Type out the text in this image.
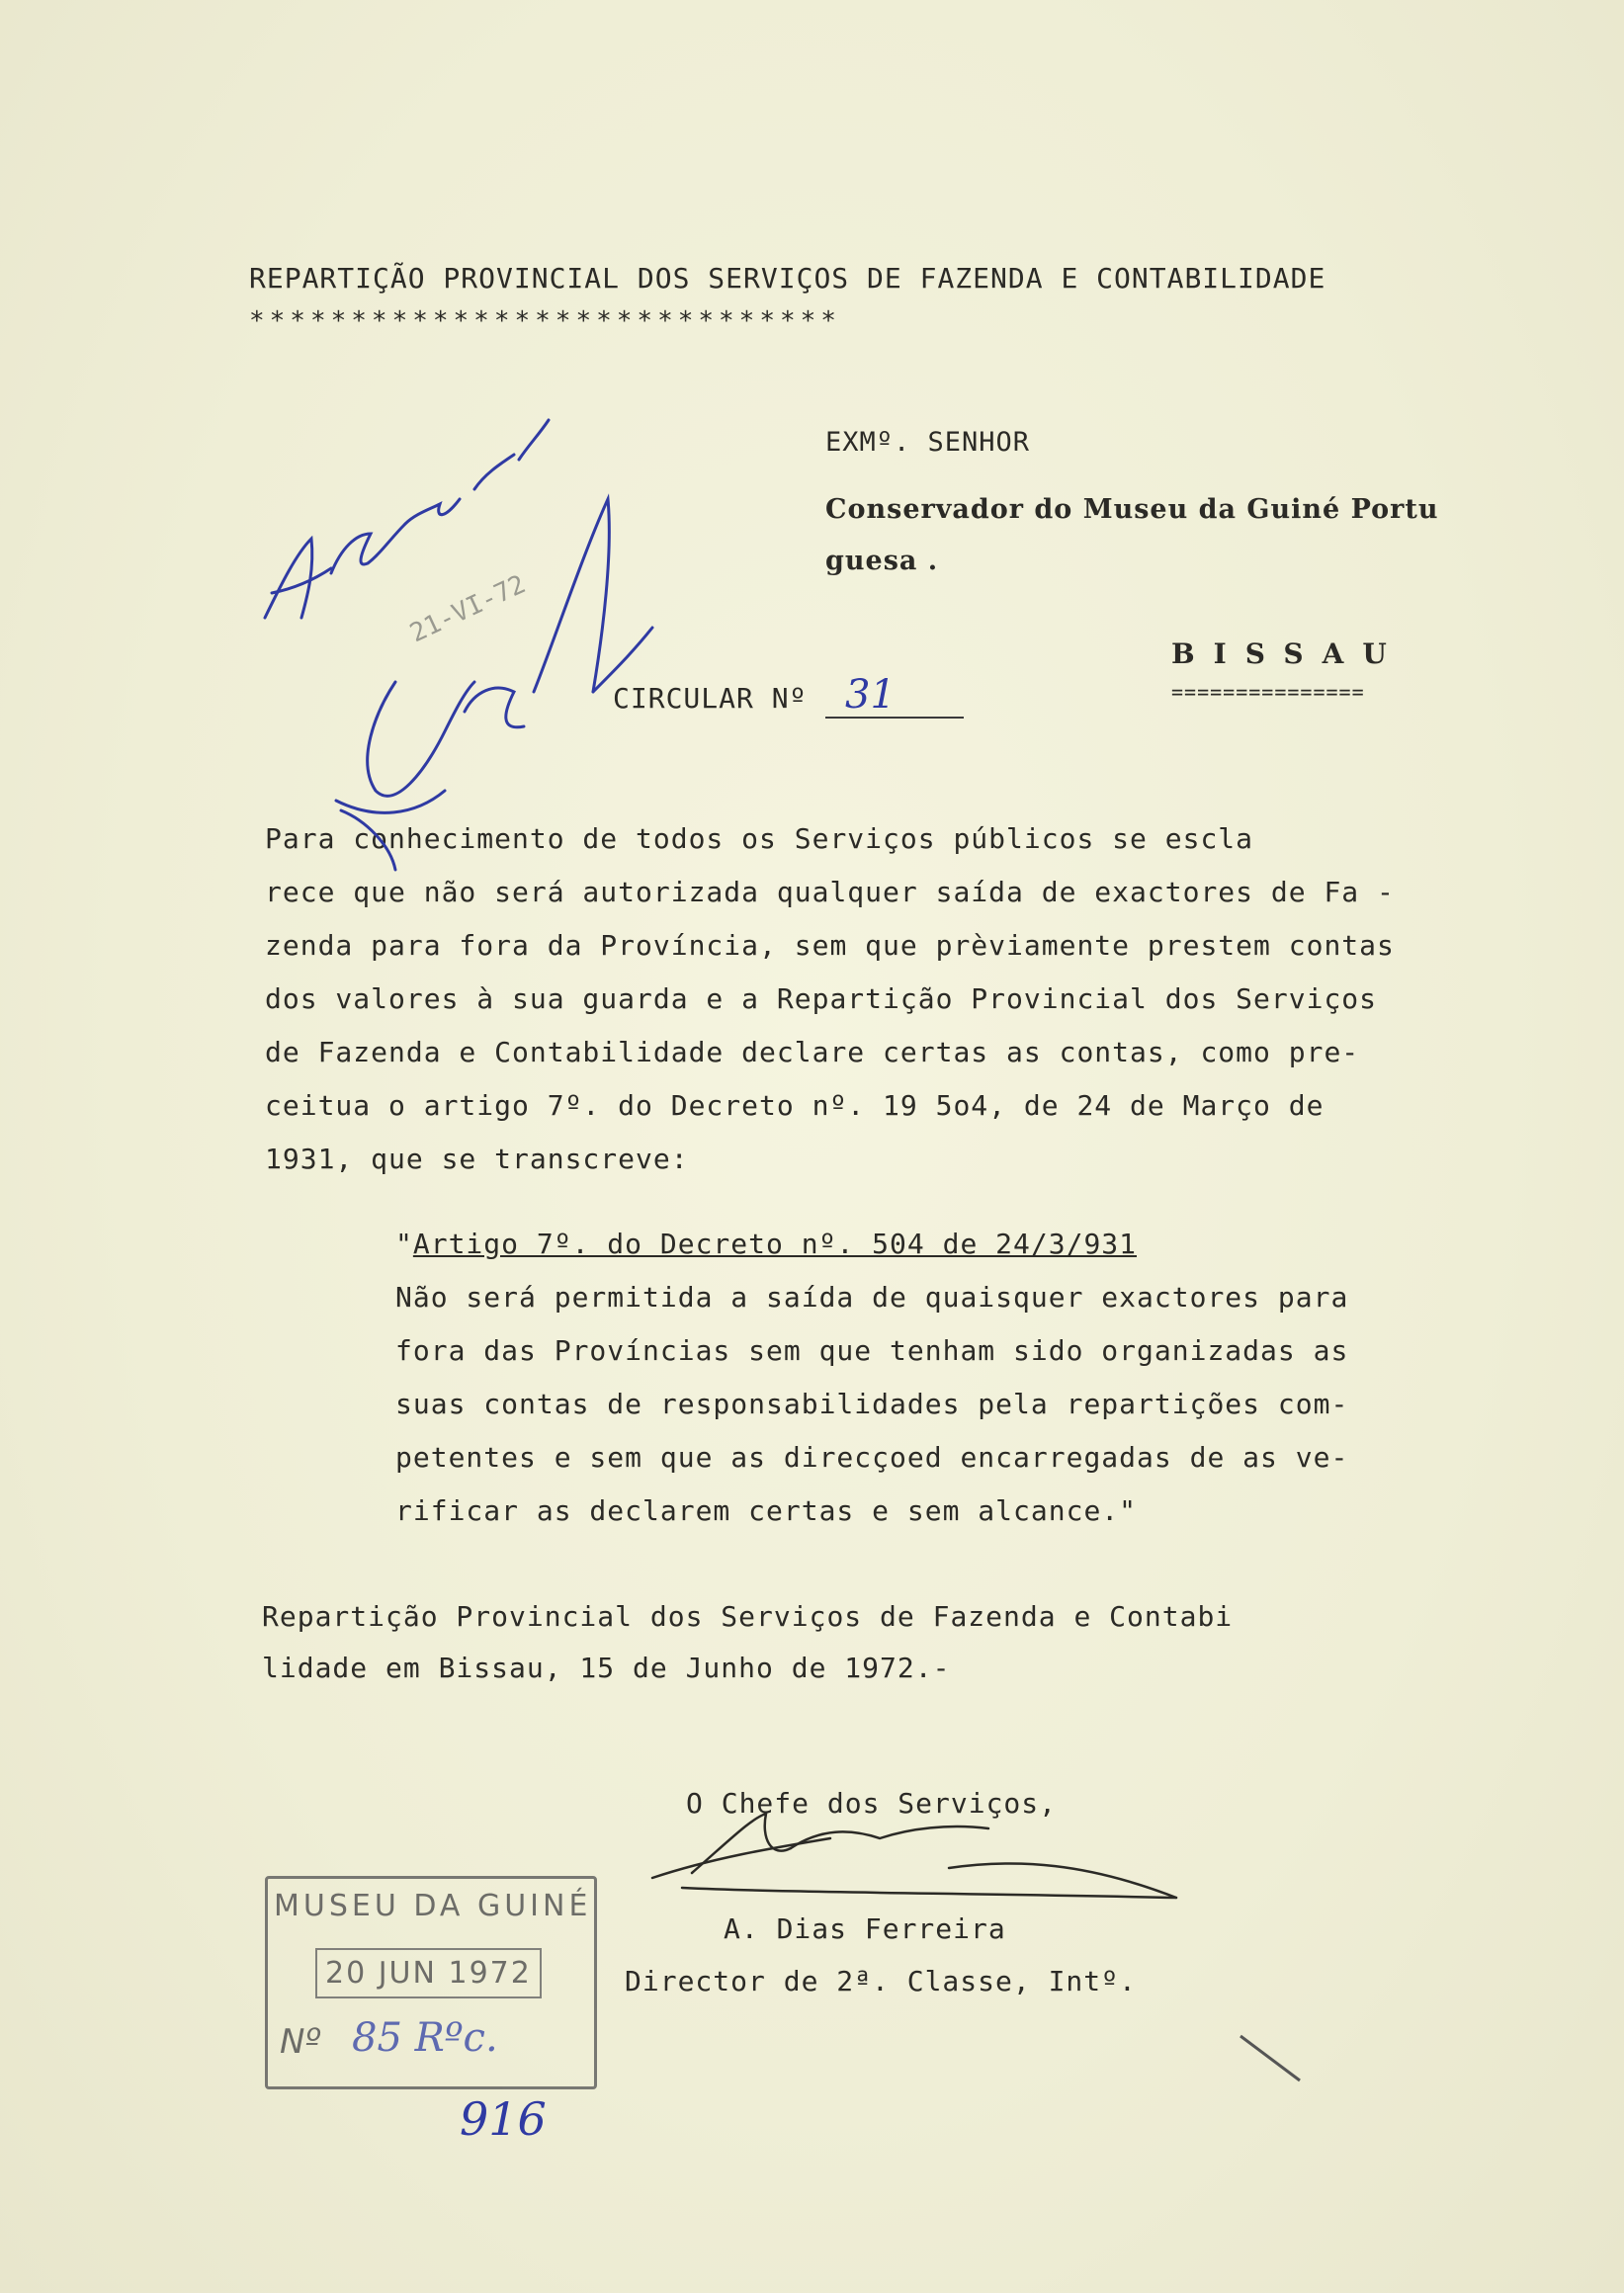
REPARTIÇÃO PROVINCIAL DOS SERVIÇOS DE FAZENDA E CONTABILIDADE
*****************************
EXMº. SENHOR
Conservador do Museu da Guiné Portu
guesa .
BISSAU
===============
CIRCULAR Nº 31

Para conhecimento de todos os Serviços públicos se escla

rece que não será autorizada qualquer saída de exactores de Fa -

zenda para fora da Província, sem que prèviamente prestem contas

dos valores à sua guarda e a Repartição Provincial dos Serviços

de Fazenda e Contabilidade declare certas as contas, como pre-

ceitua o artigo 7º. do Decreto nº. 19 5o4, de 24 de Março de

1931, que se transcreve:

"Artigo 7º. do Decreto nº. 504 de 24/3/931

Não será permitida a saída de quaisquer exactores para

fora das Províncias sem que tenham sido organizadas as

suas contas de responsabilidades pela repartições com-

petentes e sem que as direcçoed encarregadas de as ve-

rificar as declarem certas e sem alcance."

Repartição Provincial dos Serviços de Fazenda e Contabi

lidade em Bissau, 15 de Junho de 1972.-

O Chefe dos Serviços,
A. Dias Ferreira
Director de 2ª. Classe, Intº.
MUSEU DA GUINÉ
20 JUN 1972
Nº 85 Rºc.
21-VI-72
916
